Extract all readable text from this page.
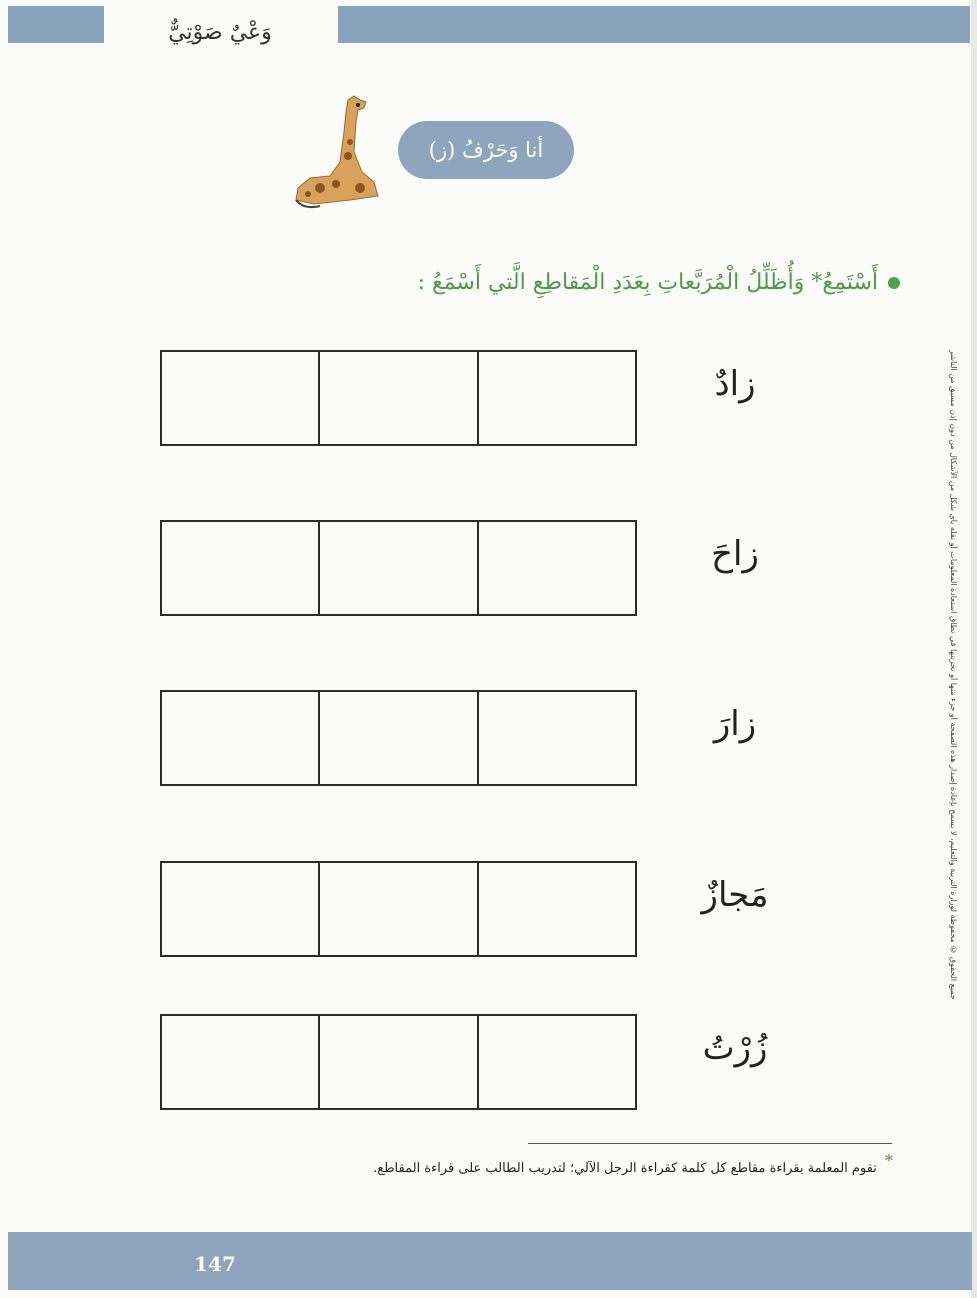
وَعْيٌ صَوْتِيٌّ
أنا وَحَرْفُ (ز)
أَسْتَمِعُ* وَأُظَلِّلُ الْمُرَبَّعاتِ بِعَدَدِ الْمَقاطِعِ الَّتي أَسْمَعُ :
زادٌ
زاحَ
زارَ
مَجازٌ
زُرْتُ
* تقوم المعلمة بقراءة مقاطع كل كلمة كقراءة الرجل الآلي؛ لتدريب الطالب على قراءة المقاطع.
جميع الحقوق © محفوظة لوزارة التربية والتعليم، لا يسمح بإعادة إصدار هذه الصفحة أو جزء منها أو تخزينها في نطاق استعادة المعلومات أو نقله بأي شكل من الأشكال من دون إذن مسبق من الناشر
147
